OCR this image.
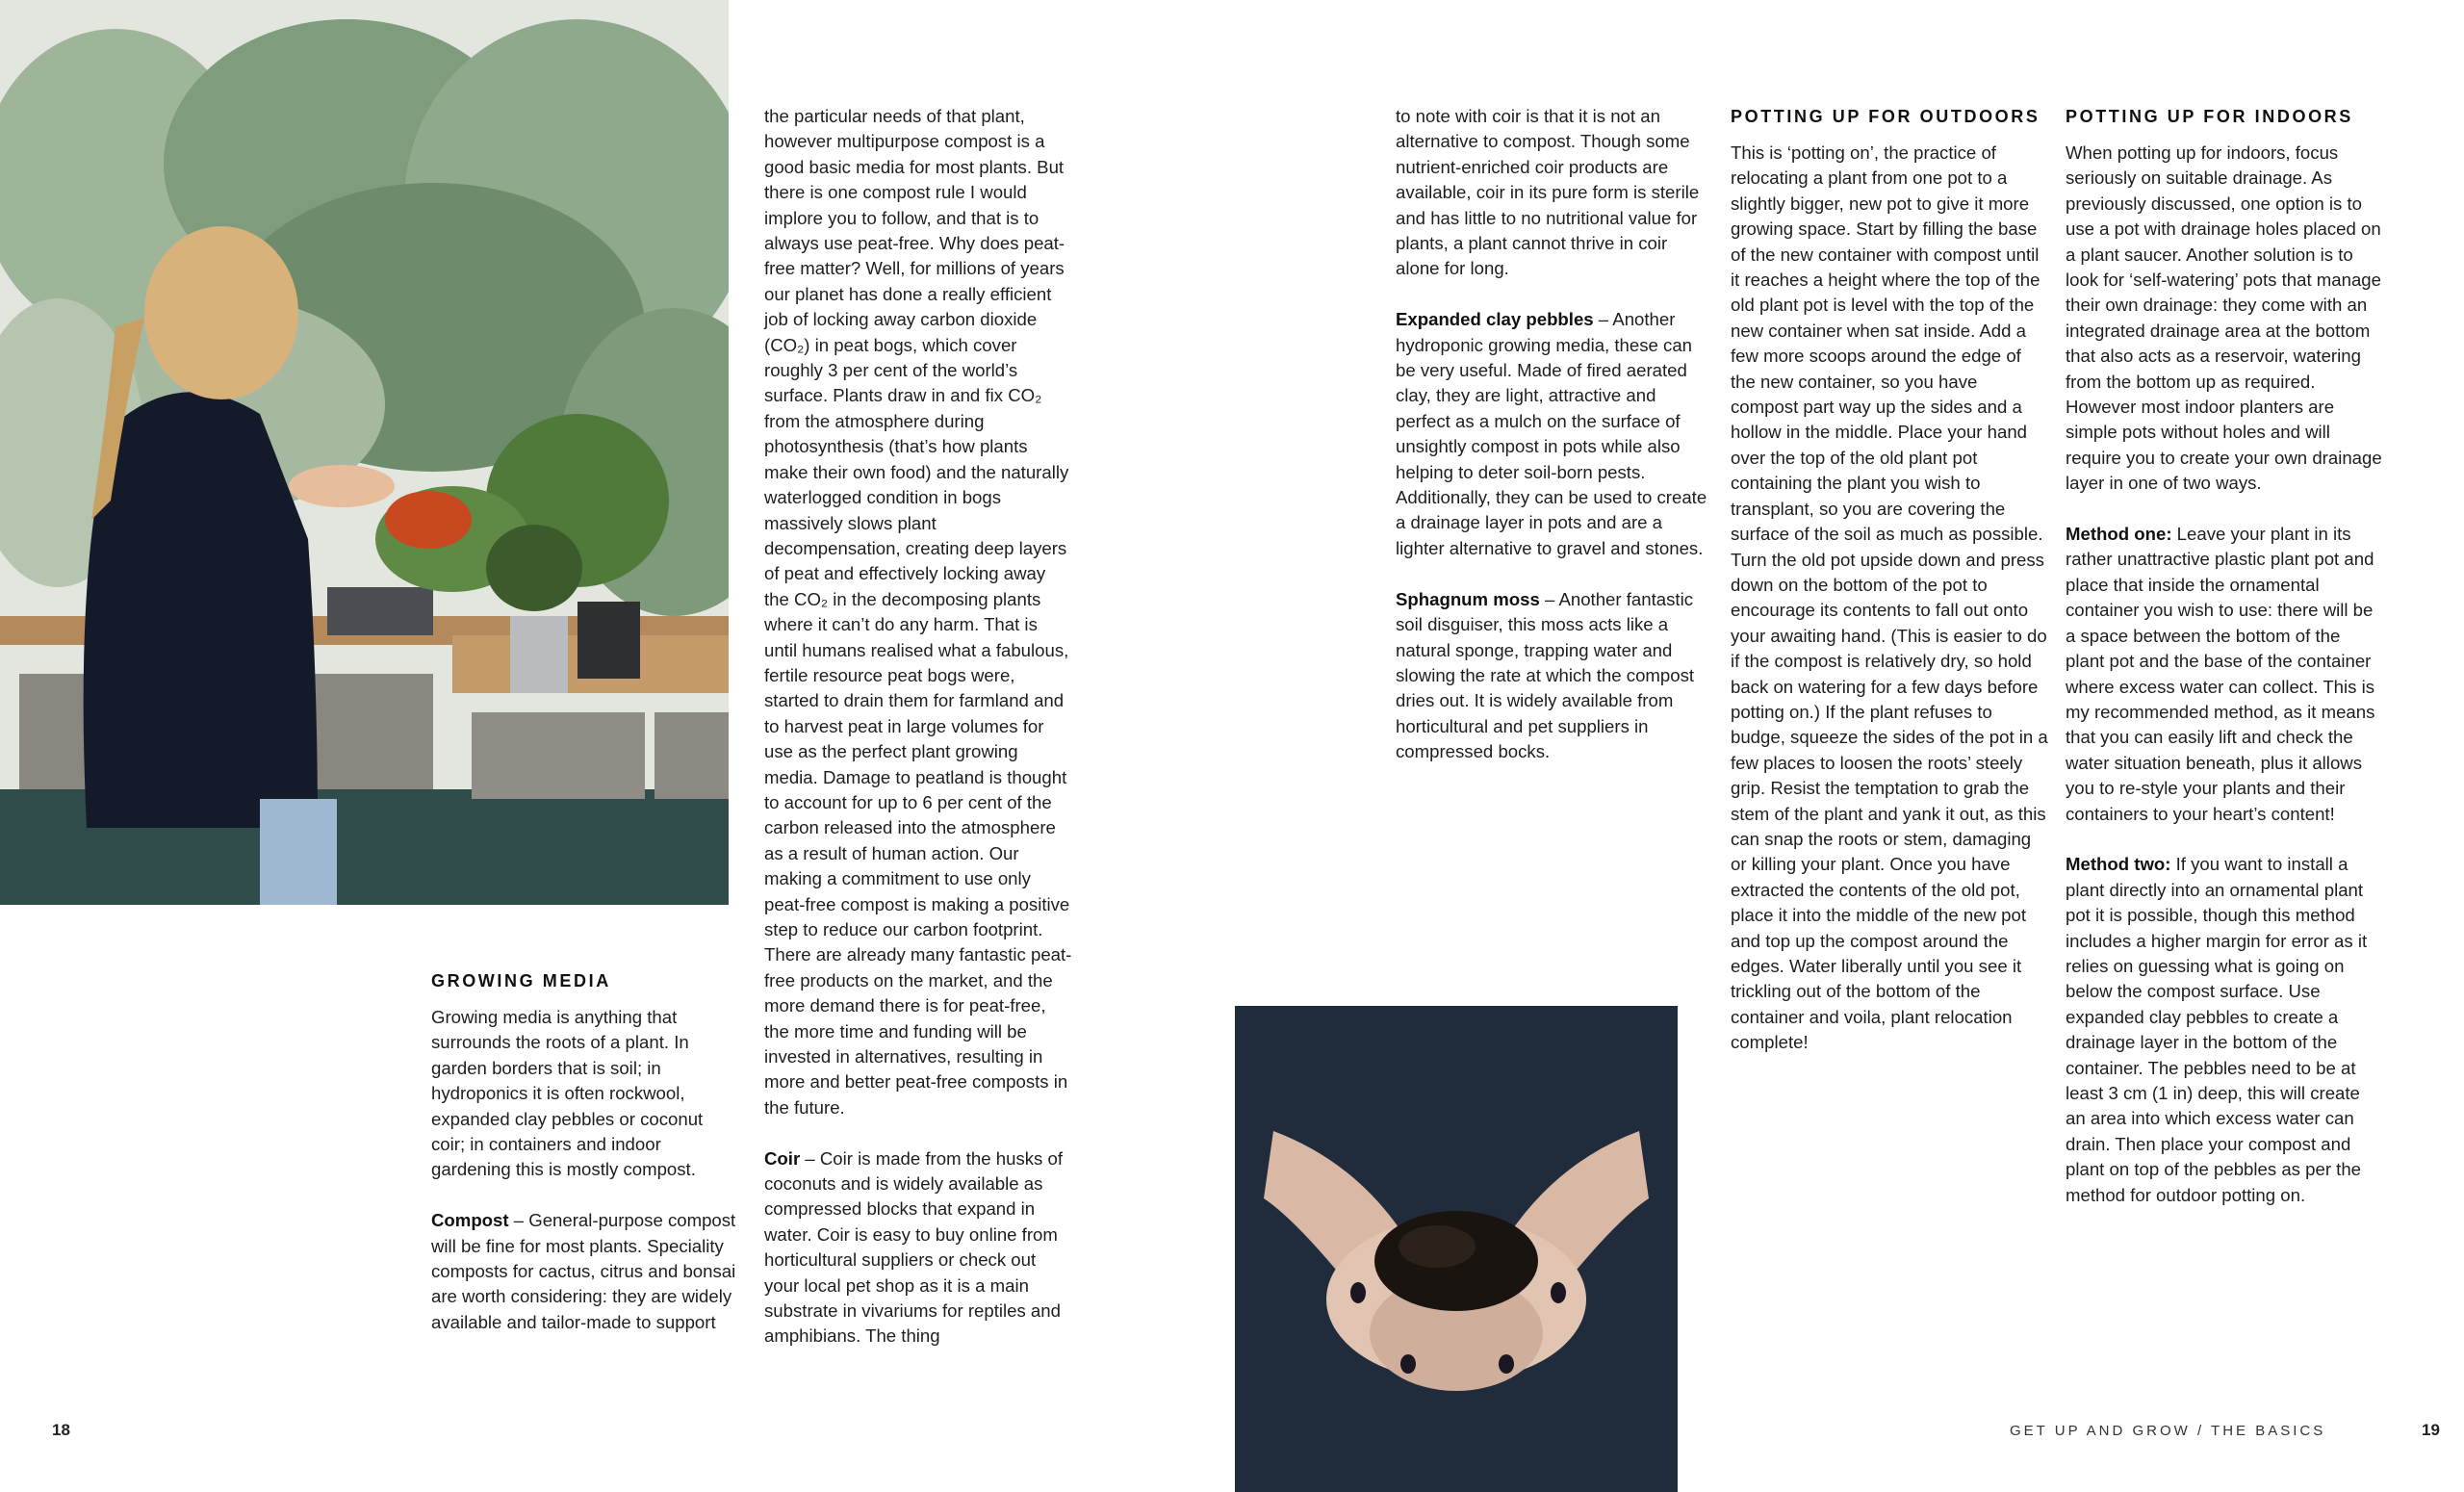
GROWING MEDIA

Growing media is anything that surrounds the roots of a plant. In garden borders that is soil; in hydroponics it is often rockwool, expanded clay pebbles or coconut coir; in containers and indoor gardening this is mostly compost.

Compost – General-purpose compost will be fine for most plants. Speciality composts for cactus, citrus and bonsai are worth considering: they are widely available and tailor-made to support

the particular needs of that plant, however multipurpose compost is a good basic media for most plants. But there is one compost rule I would implore you to follow, and that is to always use peat-free. Why does peat-free matter? Well, for millions of years our planet has done a really efficient job of locking away carbon dioxide (CO₂) in peat bogs, which cover roughly 3 per cent of the world’s surface. Plants draw in and fix CO₂ from the atmosphere during photosynthesis (that’s how plants make their own food) and the naturally waterlogged condition in bogs massively slows plant decompensation, creating deep layers of peat and effectively locking away the CO₂ in the decomposing plants where it can’t do any harm. That is until humans realised what a fabulous, fertile resource peat bogs were, started to drain them for farmland and to harvest peat in large volumes for use as the perfect plant growing media. Damage to peatland is thought to account for up to 6 per cent of the carbon released into the atmosphere as a result of human action. Our making a commitment to use only peat-free compost is making a positive step to reduce our carbon footprint. There are already many fantastic peat-free products on the market, and the more demand there is for peat-free, the more time and funding will be invested in alternatives, resulting in more and better peat-free composts in the future.

Coir – Coir is made from the husks of coconuts and is widely available as compressed blocks that expand in water. Coir is easy to buy online from horticultural suppliers or check out your local pet shop as it is a main substrate in vivariums for reptiles and amphibians. The thing

18

to note with coir is that it is not an alternative to compost. Though some nutrient-enriched coir products are available, coir in its pure form is sterile and has little to no nutritional value for plants, a plant cannot thrive in coir alone for long.

Expanded clay pebbles – Another hydroponic growing media, these can be very useful. Made of fired aerated clay, they are light, attractive and perfect as a mulch on the surface of unsightly compost in pots while also helping to deter soil-born pests. Additionally, they can be used to create a drainage layer in pots and are a lighter alternative to gravel and stones.

Sphagnum moss – Another fantastic soil disguiser, this moss acts like a natural sponge, trapping water and slowing the rate at which the compost dries out. It is widely available from horticultural and pet suppliers in compressed bocks.

POTTING UP FOR OUTDOORS

This is ‘potting on’, the practice of relocating a plant from one pot to a slightly bigger, new pot to give it more growing space. Start by filling the base of the new container with compost until it reaches a height where the top of the old plant pot is level with the top of the new container when sat inside. Add a few more scoops around the edge of the new container, so you have compost part way up the sides and a hollow in the middle. Place your hand over the top of the old plant pot containing the plant you wish to transplant, so you are covering the surface of the soil as much as possible. Turn the old pot upside down and press down on the bottom of the pot to encourage its contents to fall out onto your awaiting hand. (This is easier to do if the compost is relatively dry, so hold back on watering for a few days before potting on.) If the plant refuses to budge, squeeze the sides of the pot in a few places to loosen the roots’ steely grip. Resist the temptation to grab the stem of the plant and yank it out, as this can snap the roots or stem, damaging or killing your plant. Once you have extracted the contents of the old pot, place it into the middle of the new pot and top up the compost around the edges. Water liberally until you see it trickling out of the bottom of the container and voila, plant relocation complete!

POTTING UP FOR INDOORS

When potting up for indoors, focus seriously on suitable drainage. As previously discussed, one option is to use a pot with drainage holes placed on a plant saucer. Another solution is to look for ‘self-watering’ pots that manage their own drainage: they come with an integrated drainage area at the bottom that also acts as a reservoir, watering from the bottom up as required. However most indoor planters are simple pots without holes and will require you to create your own drainage layer in one of two ways.

Method one: Leave your plant in its rather unattractive plastic plant pot and place that inside the ornamental container you wish to use: there will be a space between the bottom of the plant pot and the base of the container where excess water can collect. This is my recommended method, as it means that you can easily lift and check the water situation beneath, plus it allows you to re-style your plants and their containers to your heart’s content!

Method two: If you want to install a plant directly into an ornamental plant pot it is possible, though this method includes a higher margin for error as it relies on guessing what is going on below the compost surface. Use expanded clay pebbles to create a drainage layer in the bottom of the container. The pebbles need to be at least 3 cm (1 in) deep, this will create an area into which excess water can drain. Then place your compost and plant on top of the pebbles as per the method for outdoor potting on.

GET UP AND GROW / THE BASICS	19
